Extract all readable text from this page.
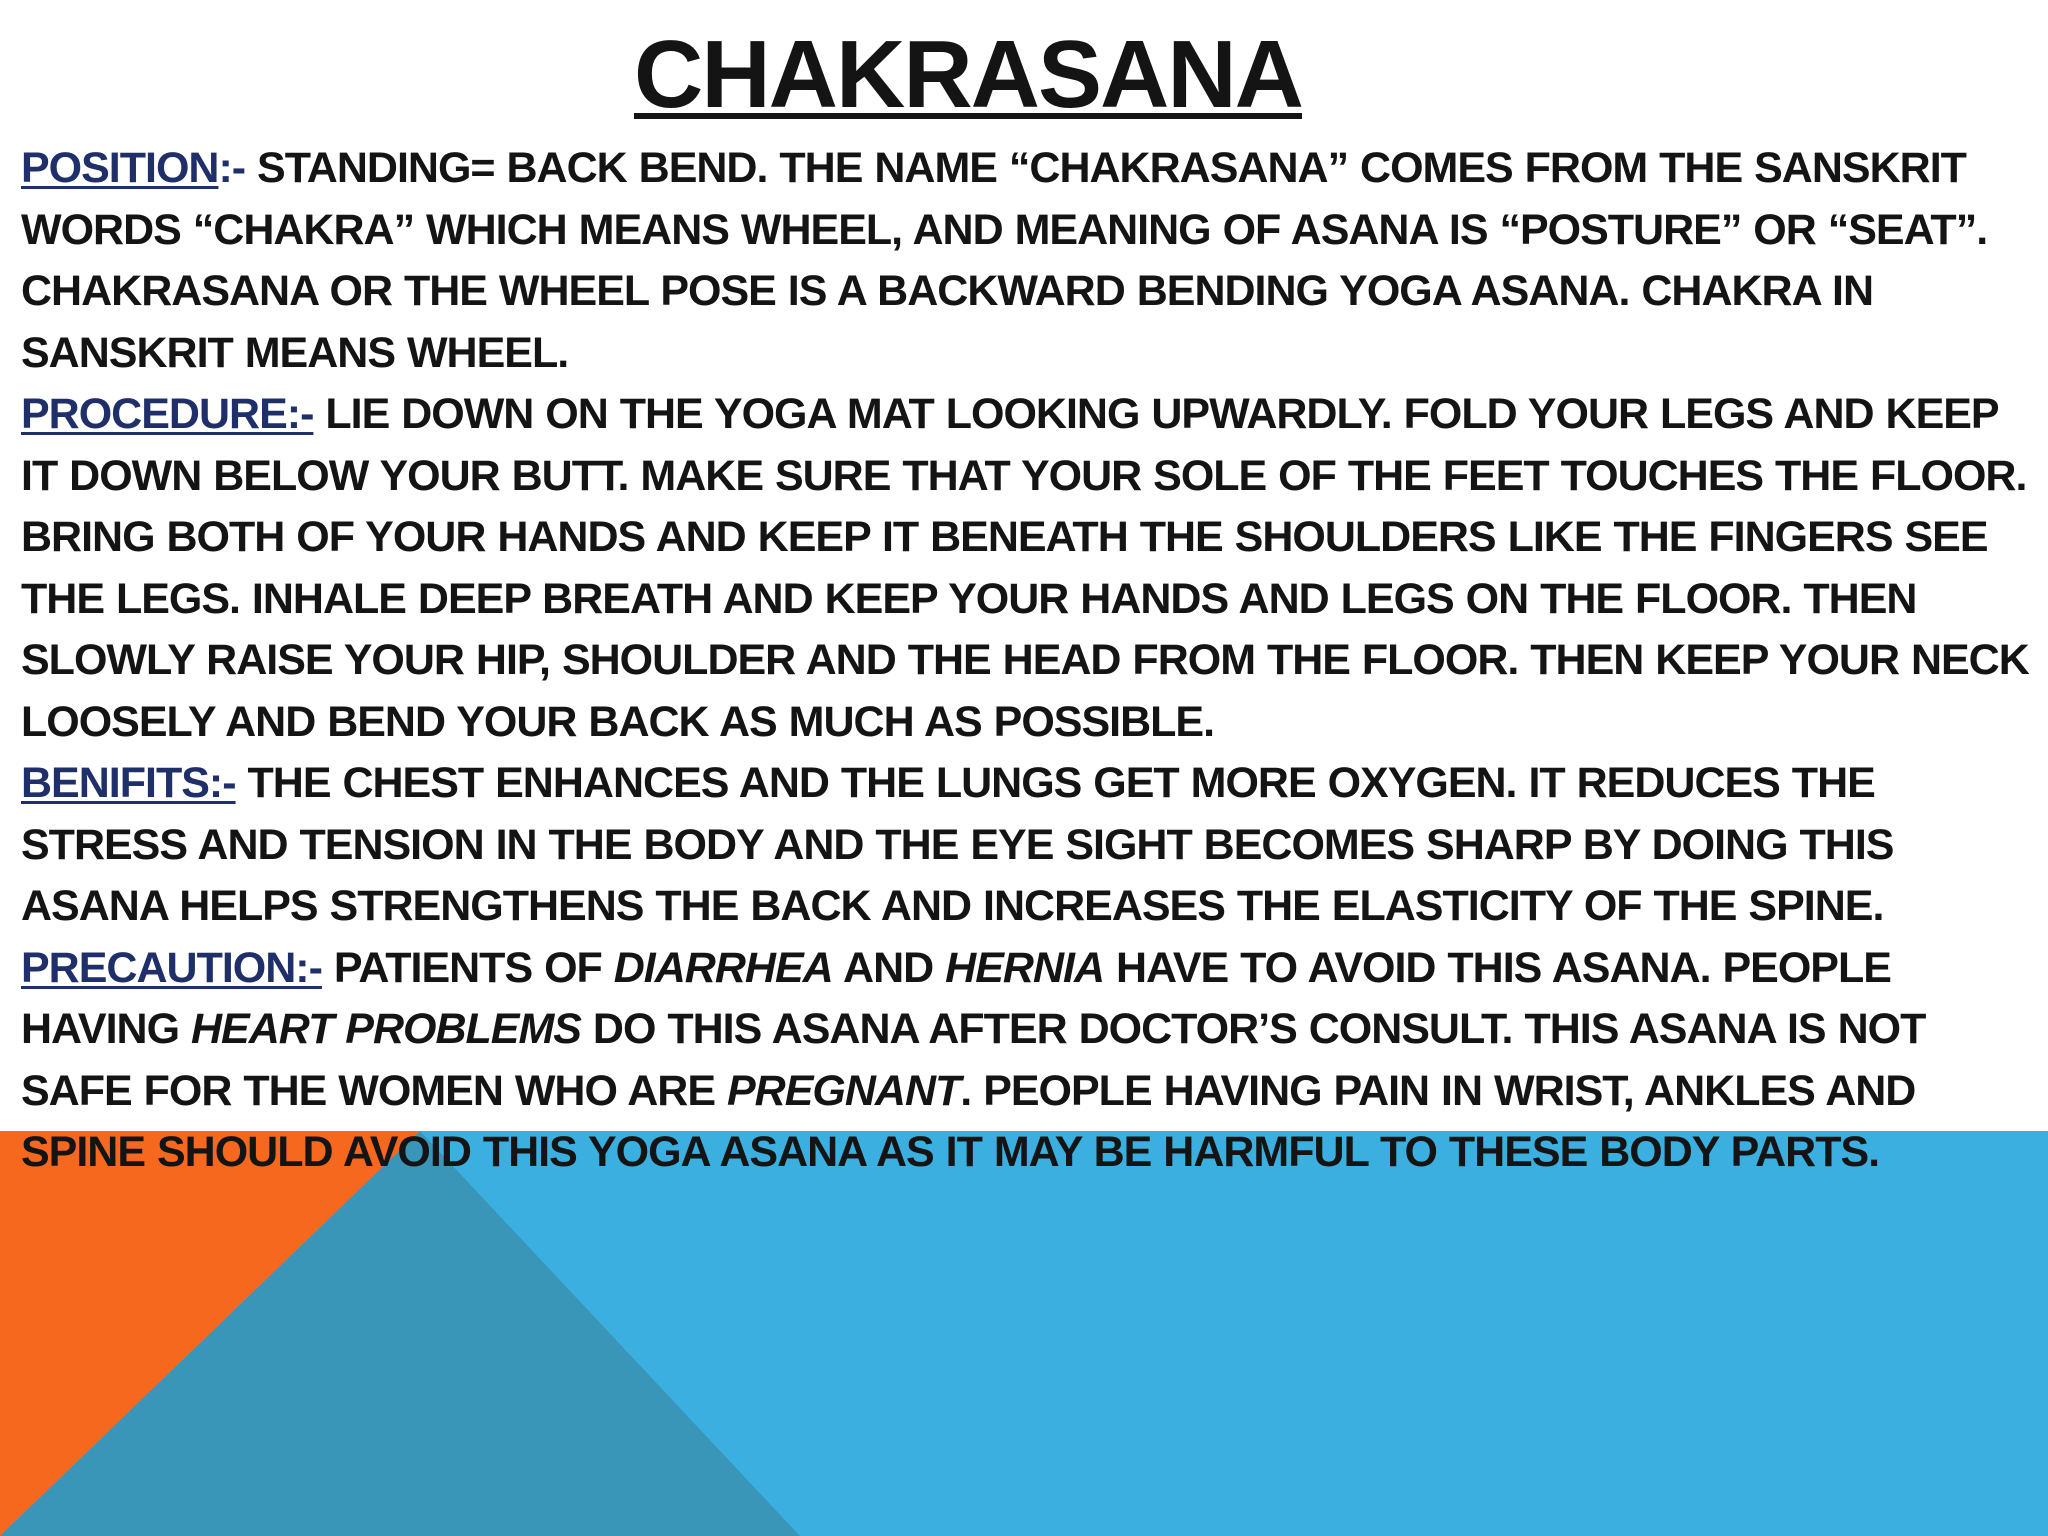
CHAKRASANA

POSITION:- STANDING= BACK BEND. THE NAME “CHAKRASANA” COMES FROM THE SANSKRIT WORDS “CHAKRA” WHICH MEANS WHEEL, AND MEANING OF ASANA IS “POSTURE” OR “SEAT”. CHAKRASANA OR THE WHEEL POSE IS A BACKWARD BENDING YOGA ASANA. CHAKRA IN SANSKRIT MEANS WHEEL.

PROCEDURE:- LIE DOWN ON THE YOGA MAT LOOKING UPWARDLY. FOLD YOUR LEGS AND KEEP IT DOWN BELOW YOUR BUTT. MAKE SURE THAT YOUR SOLE OF THE FEET TOUCHES THE FLOOR. BRING BOTH OF YOUR HANDS AND KEEP IT BENEATH THE SHOULDERS LIKE THE FINGERS SEE THE LEGS. INHALE DEEP BREATH AND KEEP YOUR HANDS AND LEGS ON THE FLOOR. THEN SLOWLY RAISE YOUR HIP, SHOULDER AND THE HEAD FROM THE FLOOR. THEN KEEP YOUR NECK LOOSELY AND BEND YOUR BACK AS MUCH AS POSSIBLE.

BENIFITS:- THE CHEST ENHANCES AND THE LUNGS GET MORE OXYGEN. IT REDUCES THE STRESS AND TENSION IN THE BODY AND THE EYE SIGHT BECOMES SHARP BY DOING THIS ASANA HELPS STRENGTHENS THE BACK AND INCREASES THE ELASTICITY OF THE SPINE.

PRECAUTION:- PATIENTS OF DIARRHEA AND HERNIA HAVE TO AVOID THIS ASANA. PEOPLE HAVING HEART PROBLEMS DO THIS ASANA AFTER DOCTOR’S CONSULT. THIS ASANA IS NOT SAFE FOR THE WOMEN WHO ARE PREGNANT. PEOPLE HAVING PAIN IN WRIST, ANKLES AND SPINE SHOULD AVOID THIS YOGA ASANA AS IT MAY BE HARMFUL TO THESE BODY PARTS.
